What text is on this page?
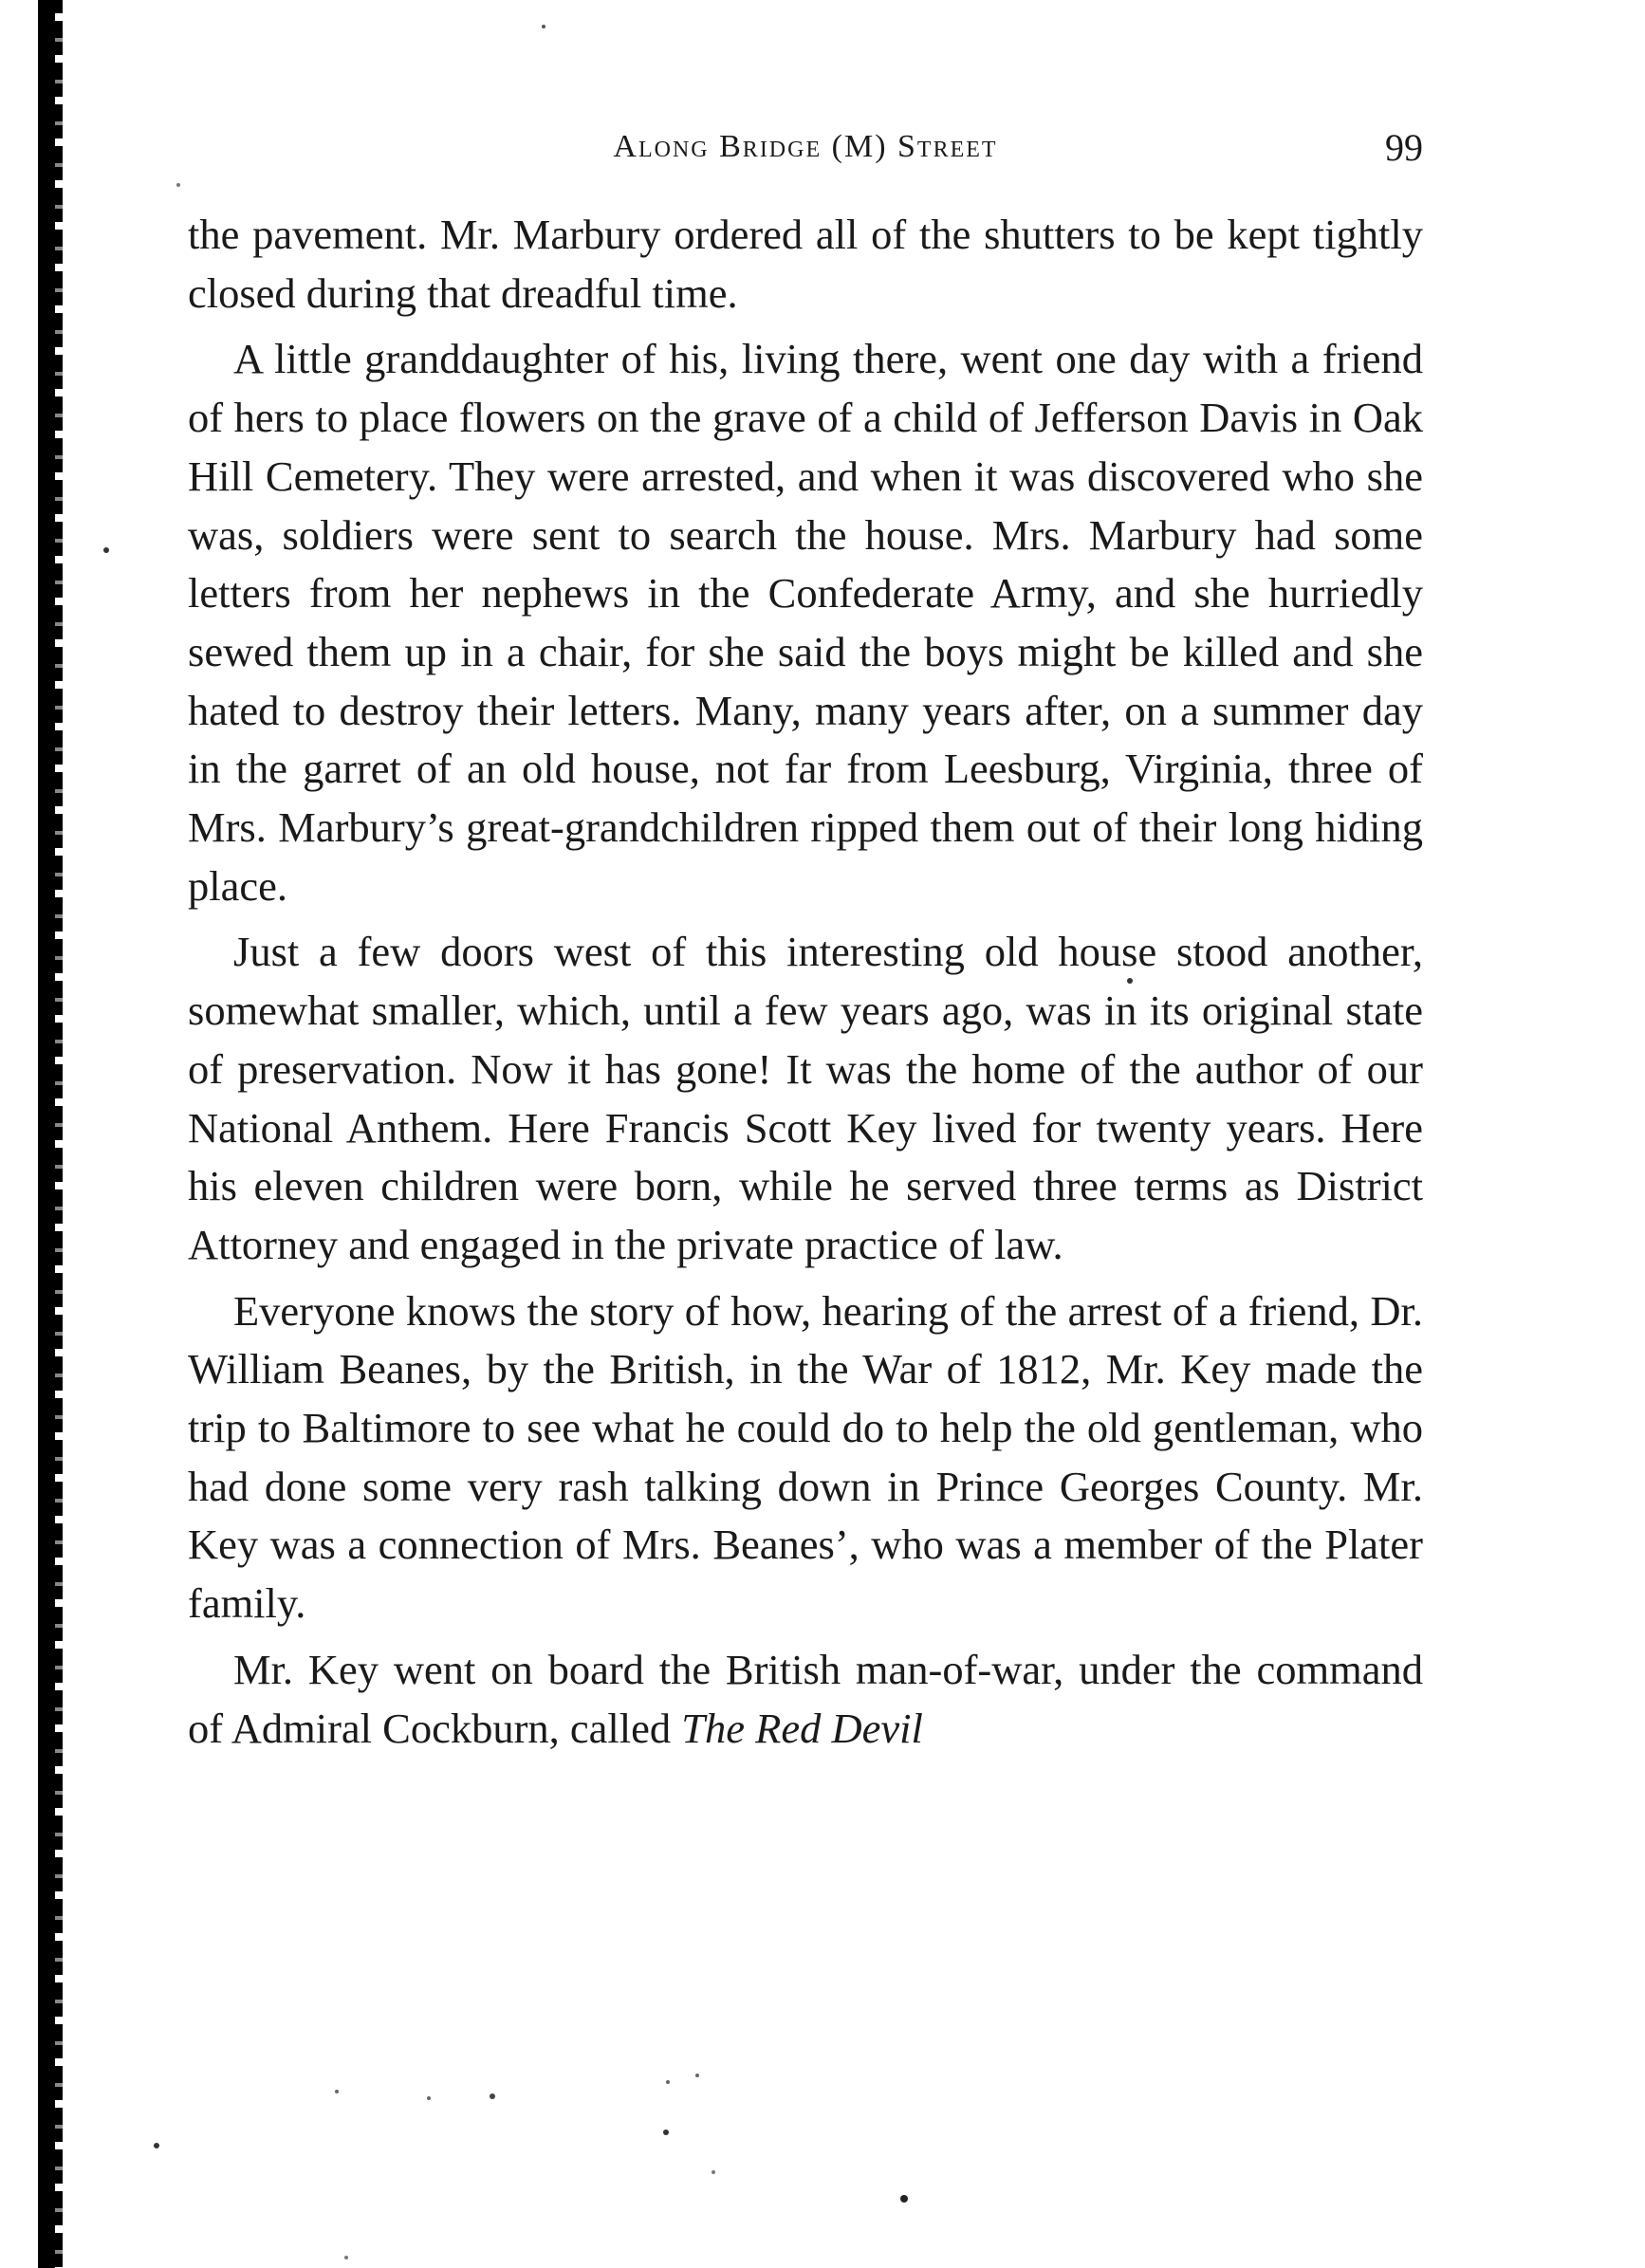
Along Bridge (M) Street	99

the pavement. Mr. Marbury ordered all of the shutters to be kept tightly closed during that dreadful time.

A little granddaughter of his, living there, went one day with a friend of hers to place flowers on the grave of a child of Jefferson Davis in Oak Hill Cemetery. They were arrested, and when it was discovered who she was, soldiers were sent to search the house. Mrs. Marbury had some letters from her nephews in the Confederate Army, and she hurriedly sewed them up in a chair, for she said the boys might be killed and she hated to destroy their letters. Many, many years after, on a summer day in the garret of an old house, not far from Leesburg, Virginia, three of Mrs. Marbury’s great-grandchildren ripped them out of their long hiding place.

Just a few doors west of this interesting old house stood another, somewhat smaller, which, until a few years ago, was in its original state of preservation. Now it has gone! It was the home of the author of our National Anthem. Here Francis Scott Key lived for twenty years. Here his eleven children were born, while he served three terms as District Attorney and engaged in the private practice of law.

Everyone knows the story of how, hearing of the arrest of a friend, Dr. William Beanes, by the British, in the War of 1812, Mr. Key made the trip to Baltimore to see what he could do to help the old gentleman, who had done some very rash talking down in Prince Georges County. Mr. Key was a connection of Mrs. Beanes’, who was a member of the Plater family.

Mr. Key went on board the British man-of-war, under the command of Admiral Cockburn, called The Red Devil
